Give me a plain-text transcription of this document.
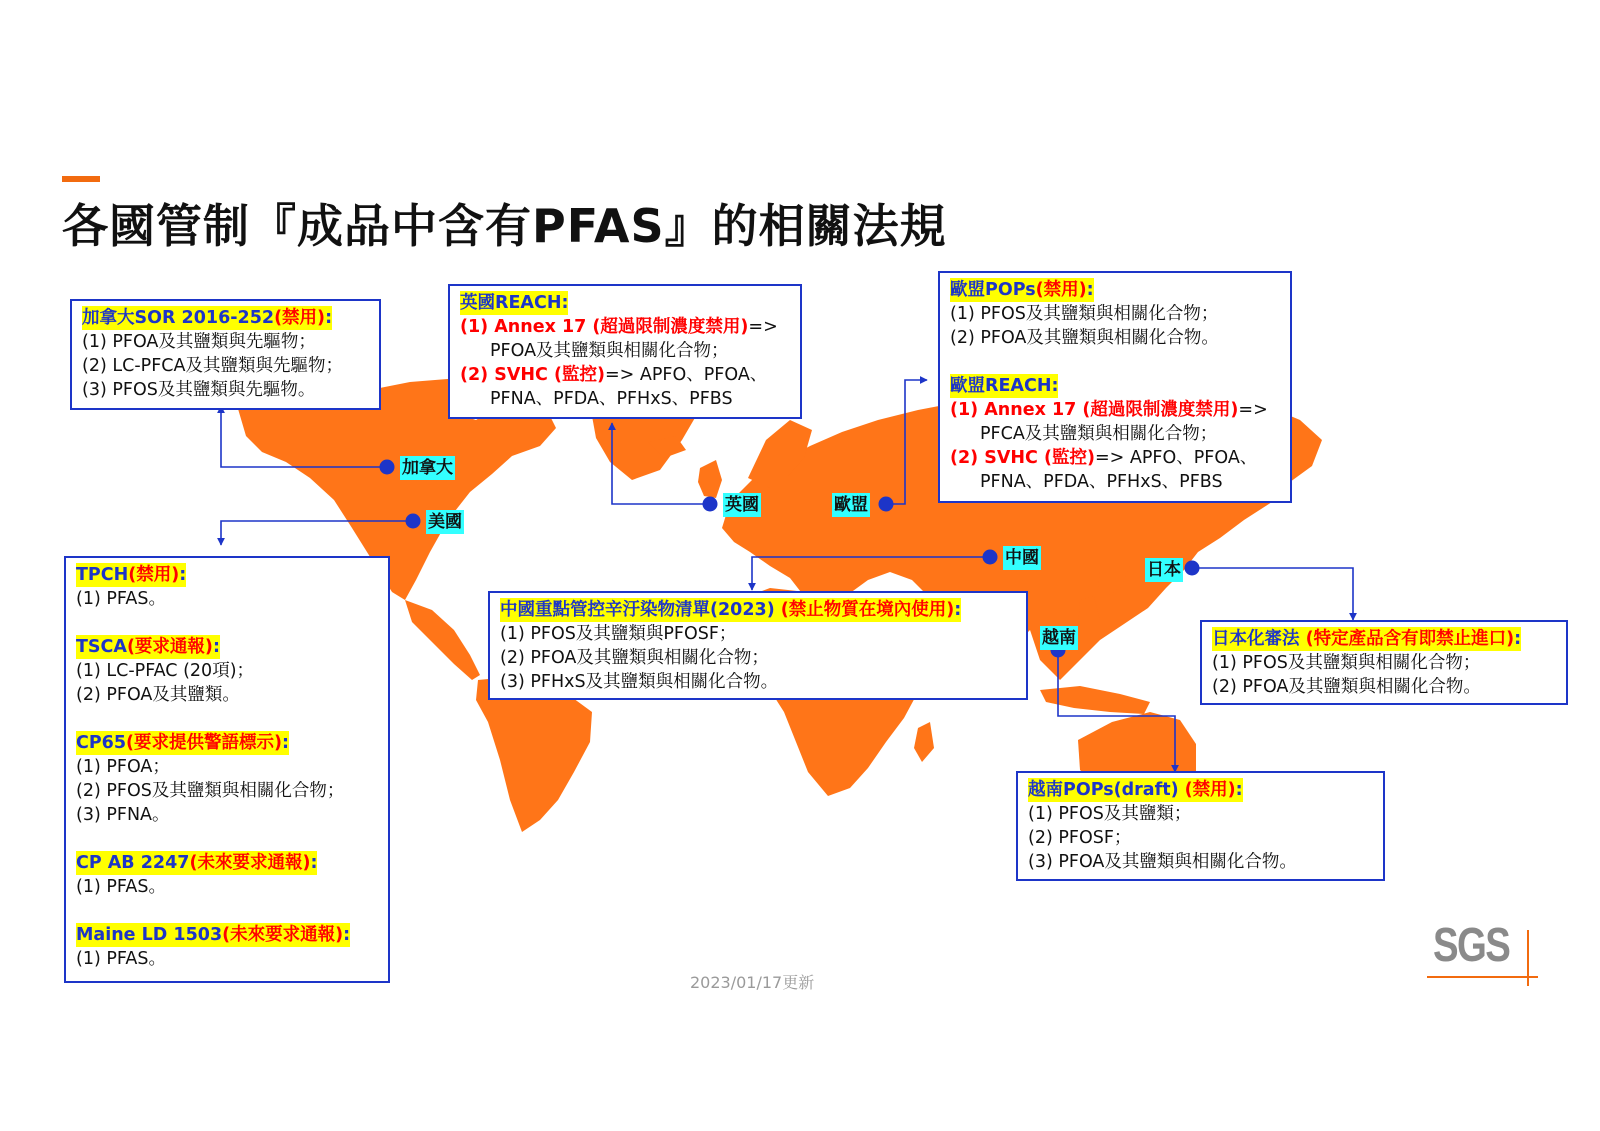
各國管制『成品中含有PFAS』的相關法規
加拿大
美國
英國	歐盟
中國
日本
越南
加拿大SOR 2016-252(禁用):
(1) PFOA及其鹽類與先驅物；
(2) LC-PFCA及其鹽類與先驅物；
(3) PFOS及其鹽類與先驅物。
英國REACH:
(1) Annex 17 (超過限制濃度禁用)=>
PFOA及其鹽類與相關化合物；
(2) SVHC (監控)=> APFO、PFOA、
PFNA、PFDA、PFHxS、PFBS
歐盟POPs(禁用):
(1) PFOS及其鹽類與相關化合物；
(2) PFOA及其鹽類與相關化合物。
歐盟REACH:
(1) Annex 17 (超過限制濃度禁用)=>
PFCA及其鹽類與相關化合物；
(2) SVHC (監控)=> APFO、PFOA、
PFNA、PFDA、PFHxS、PFBS
TPCH(禁用):
(1) PFAS。
TSCA(要求通報):
(1) LC-PFAC (20項)；
(2) PFOA及其鹽類。
CP65(要求提供警語標示):
(1) PFOA；
(2) PFOS及其鹽類與相關化合物；
(3) PFNA。
CP AB 2247(未來要求通報):
(1) PFAS。
Maine LD 1503(未來要求通報):
(1) PFAS。
中國重點管控辛汙染物清單(2023) (禁止物質在境內使用):
(1) PFOS及其鹽類與PFOSF；
(2) PFOA及其鹽類與相關化合物；
(3) PFHxS及其鹽類與相關化合物。
日本化審法 (特定產品含有即禁止進口):
(1) PFOS及其鹽類與相關化合物；
(2) PFOA及其鹽類與相關化合物。
越南POPs(draft) (禁用):
(1) PFOS及其鹽類；
(2) PFOSF；
(3) PFOA及其鹽類與相關化合物。
2023/01/17更新
SGS
